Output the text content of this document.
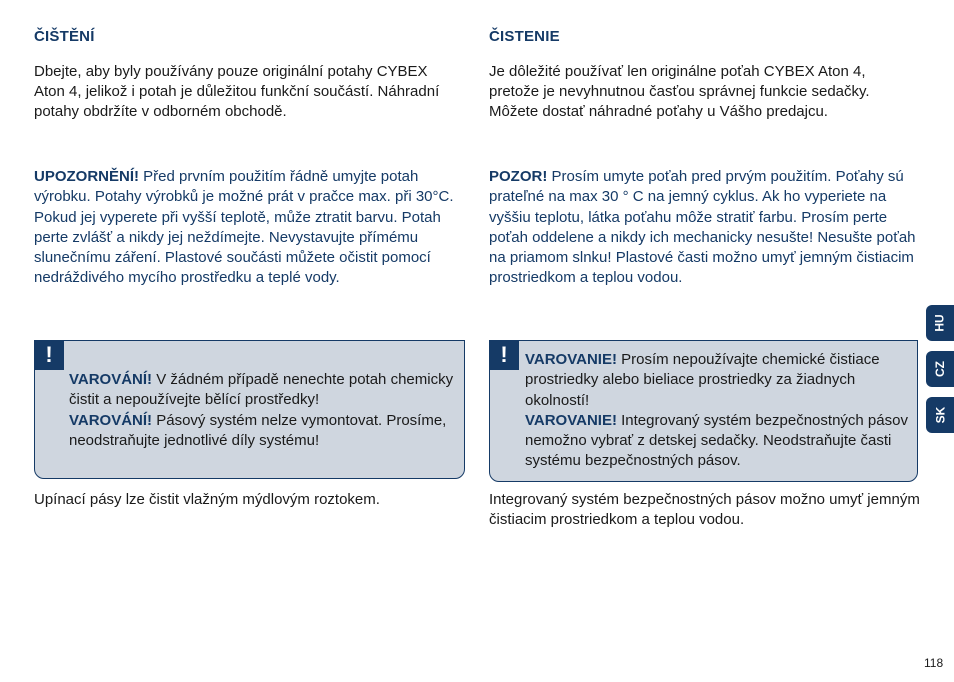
ČIŠTĚNÍ

Dbejte, aby byly používány pouze originální potahy CYBEX Aton 4, jelikož i potah je důležitou funkční součástí. Náhradní potahy obdržíte v odborném obchodě.

UPOZORNĚNÍ! Před prvním použitím řádně umyjte potah výrobku. Potahy výrobků je možné prát v pračce max. při 30°C. Pokud jej vyperete při vyšší teplotě, může ztratit barvu. Potah perte zvlášť a nikdy jej neždímejte. Nevystavujte přímému slunečnímu záření. Plastové součásti můžete očistit pomocí nedráždivého mycího prostředku a teplé vody.

!

VAROVÁNÍ! V žádném případě nenechte potah chemicky čistit a nepoužívejte bělící prostředky!
VAROVÁNÍ! Pásový systém nelze vymontovat. Prosíme, neodstraňujte jednotlivé díly systému!

Upínací pásy lze čistit vlažným mýdlovým roztokem.

ČISTENIE

Je dôležité používať len originálne poťah CYBEX Aton 4, pretože je nevyhnutnou časťou správnej funkcie sedačky. Môžete dostať náhradné poťahy u Vášho predajcu.

POZOR! Prosím umyte poťah pred prvým použitím. Poťahy sú prateľné na max 30 ° C na jemný cyklus. Ak ho vyperiete na vyššiu teplotu, látka poťahu môže stratiť farbu. Prosím perte poťah oddelene a nikdy ich mechanicky nesušte! Nesušte poťah na priamom slnku! Plastové časti možno umyť jemným čistiacim prostriedkom a teplou vodou.

!	VAROVANIE! Prosím nepoužívajte chemické čistiace prostriedky alebo bieliace prostriedky za žiadnych okolností!
VAROVANIE! Integrovaný systém bezpečnostných pásov nemožno vybrať z detskej sedačky. Neodstraňujte časti systému bezpečnostných pásov.

Integrovaný systém bezpečnostných pásov možno umyť jemným čistiacim prostriedkom a teplou vodou.

HU
CZ
SK
118
